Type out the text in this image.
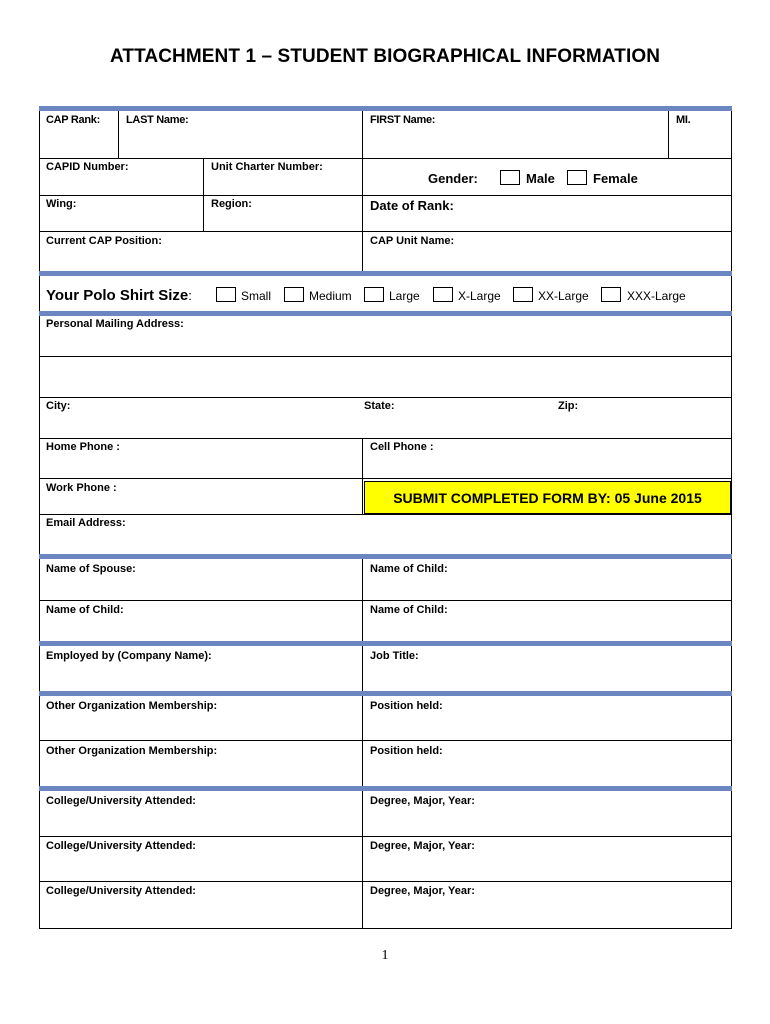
ATTACHMENT 1 – STUDENT BIOGRAPHICAL INFORMATION
CAP Rank: LAST Name:	FIRST Name:	MI.
CAPID Number:	Unit Charter Number:
Gender:	Male	Female
Wing:	Region:	Date of Rank:
Current CAP Position:	CAP Unit Name:
Your Polo Shirt Size:	Small	Medium	Large	X-Large	XX-Large	XXX-Large
Personal Mailing Address:
City:	State:	Zip:
Home Phone :	Cell Phone :
Work Phone :
SUBMIT COMPLETED FORM BY: 05 June 2015
Email Address:
Name of Spouse:	Name of Child:
Name of Child:	Name of Child:
Employed by (Company Name):	Job Title:
Other Organization Membership:	Position held:
Other Organization Membership:	Position held:
College/University Attended:	Degree, Major, Year:
College/University Attended:	Degree, Major, Year:
College/University Attended:	Degree, Major, Year:
1
